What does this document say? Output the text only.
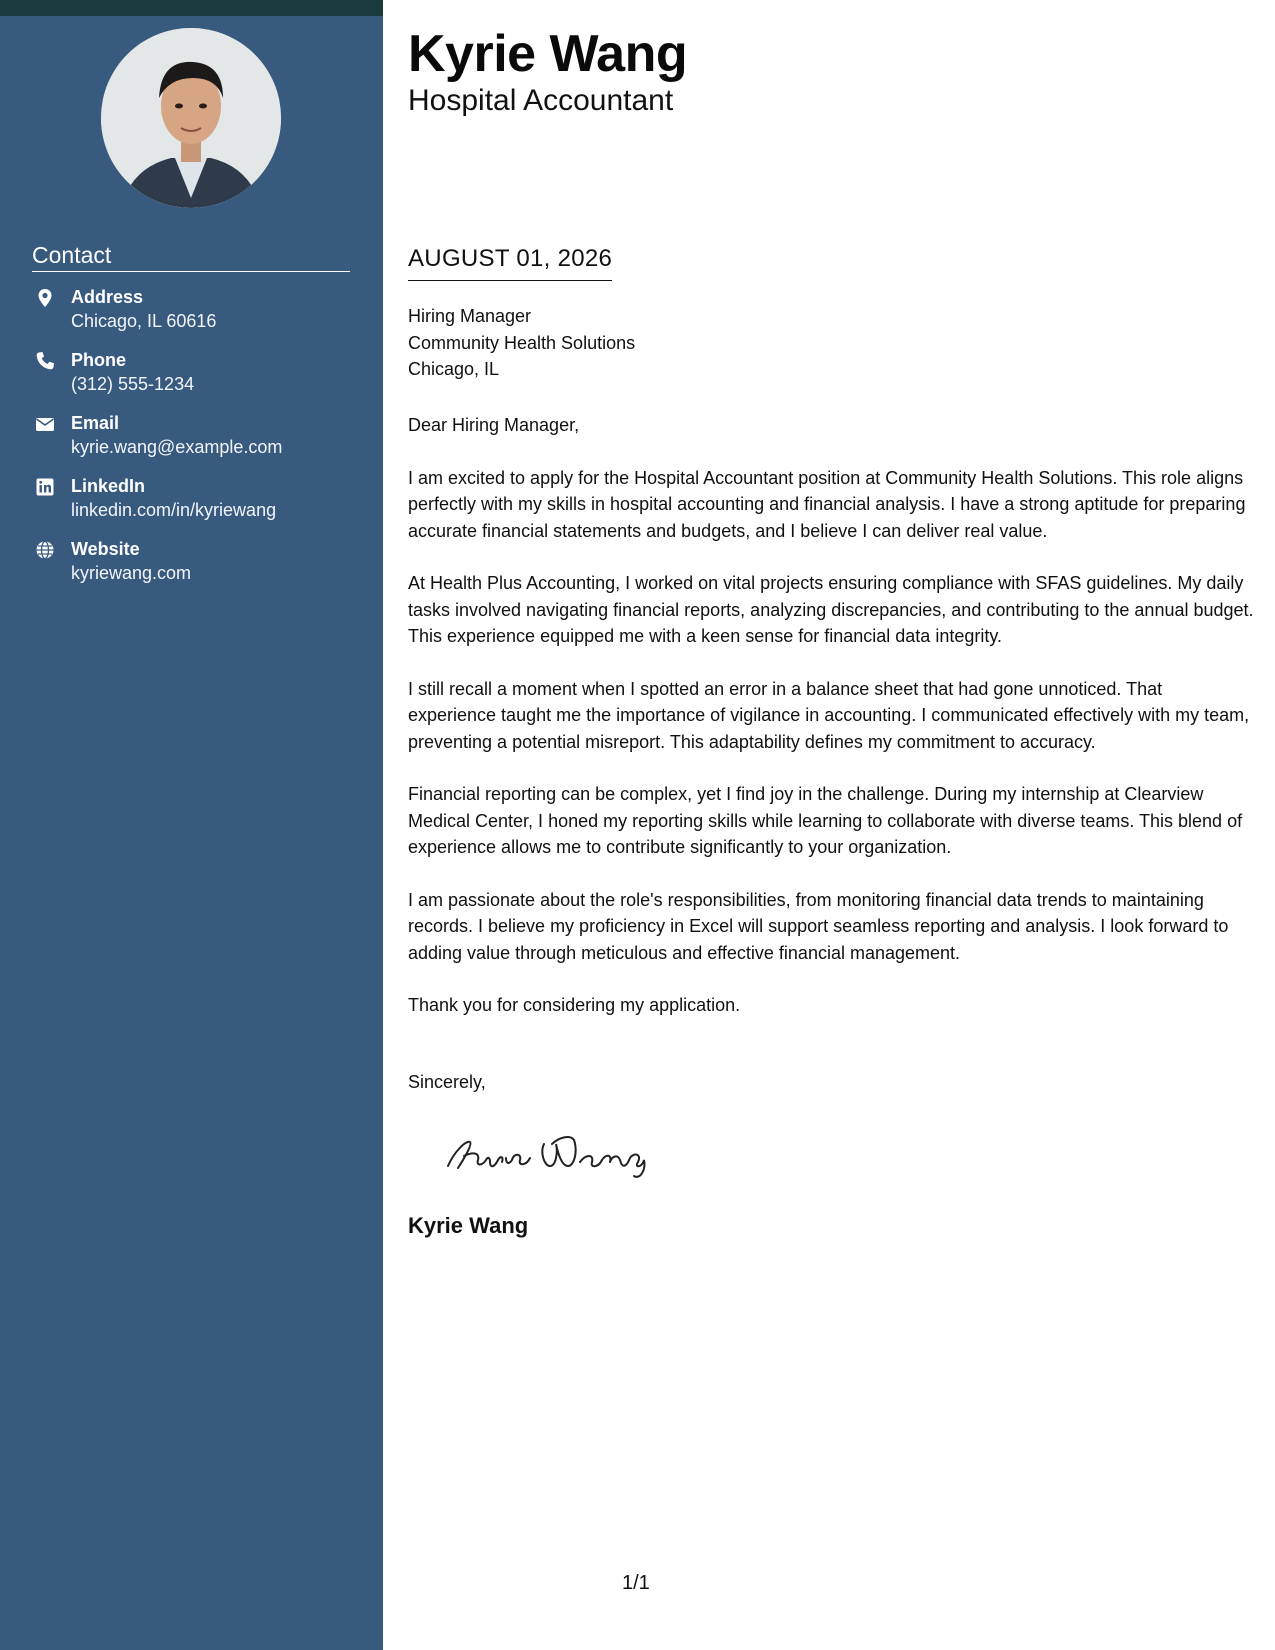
Contact
Address
Chicago, IL 60616
Phone
(312) 555-1234
Email
kyrie.wang@example.com
LinkedIn
linkedin.com/in/kyriewang
Website
kyriewang.com
Kyrie Wang
Hospital Accountant
AUGUST 01, 2026
Hiring Manager
Community Health Solutions
Chicago, IL

Dear Hiring Manager,

I am excited to apply for the Hospital Accountant position at Community Health Solutions. This role aligns perfectly with my skills in hospital accounting and financial analysis. I have a strong aptitude for preparing accurate financial statements and budgets, and I believe I can deliver real value.

At Health Plus Accounting, I worked on vital projects ensuring compliance with SFAS guidelines. My daily tasks involved navigating financial reports, analyzing discrepancies, and contributing to the annual budget. This experience equipped me with a keen sense for financial data integrity.

I still recall a moment when I spotted an error in a balance sheet that had gone unnoticed. That experience taught me the importance of vigilance in accounting. I communicated effectively with my team, preventing a potential misreport. This adaptability defines my commitment to accuracy.

Financial reporting can be complex, yet I find joy in the challenge. During my internship at Clearview Medical Center, I honed my reporting skills while learning to collaborate with diverse teams. This blend of experience allows me to contribute significantly to your organization.

I am passionate about the role's responsibilities, from monitoring financial data trends to maintaining records. I believe my proficiency in Excel will support seamless reporting and analysis. I look forward to adding value through meticulous and effective financial management.

Thank you for considering my application.

Sincerely,
Kyrie Wang
1/1
